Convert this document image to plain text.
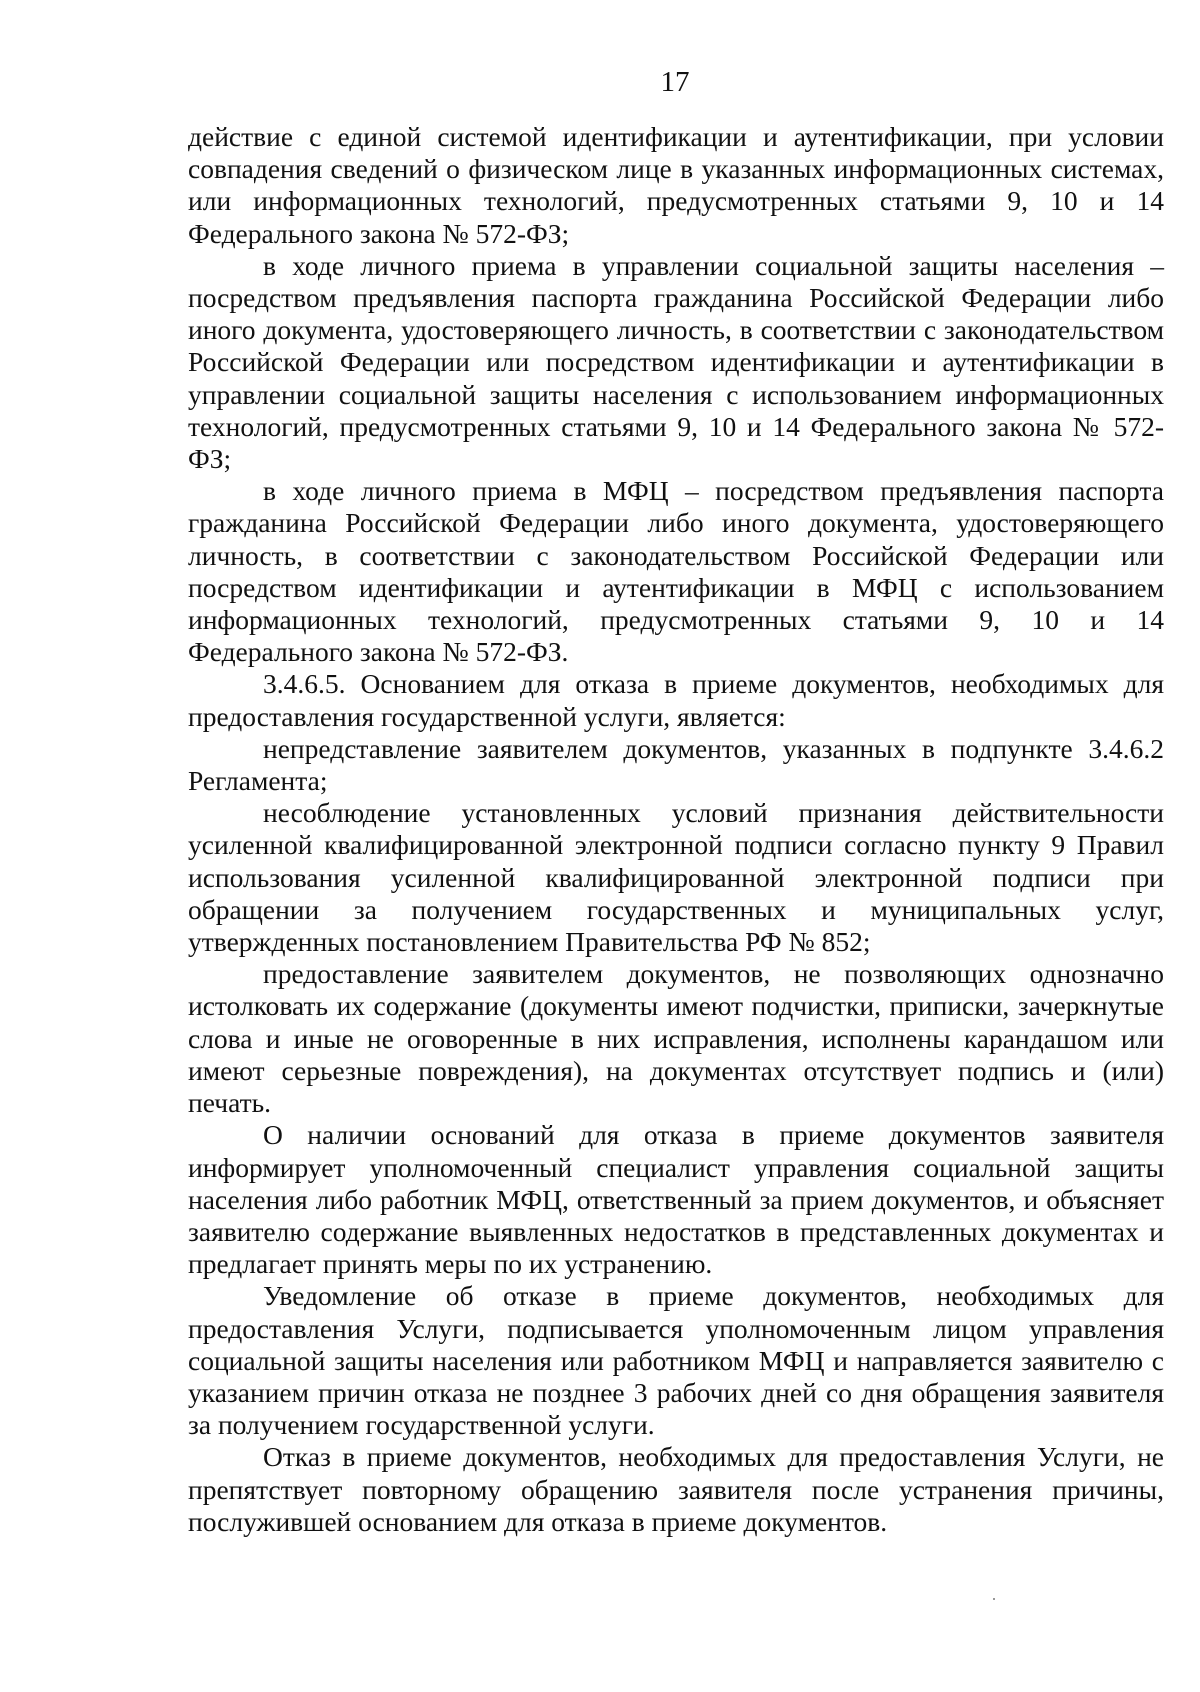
17

действие с единой системой идентификации и аутентификации, при условии совпадения сведений о физическом лице в указанных информационных системах, или информационных технологий, предусмотренных статьями 9, 10 и 14 Федерального закона № 572-ФЗ;

в ходе личного приема в управлении социальной защиты населения – посредством предъявления паспорта гражданина Российской Федерации либо иного документа, удостоверяющего личность, в соответствии с законодательством Российской Федерации или посредством идентификации и аутентификации в управлении социальной защиты населения с использованием информационных технологий, предусмотренных статьями 9, 10 и 14 Федерального закона № 572-ФЗ;

в ходе личного приема в МФЦ – посредством предъявления паспорта гражданина Российской Федерации либо иного документа, удостоверяющего личность, в соответствии с законодательством Российской Федерации или посредством идентификации и аутентификации в МФЦ с использованием информационных технологий, предусмотренных статьями 9, 10 и 14 Федерального закона № 572-ФЗ.

3.4.6.5. Основанием для отказа в приеме документов, необходимых для предоставления государственной услуги, является:

непредставление заявителем документов, указанных в подпункте 3.4.6.2 Регламента;

несоблюдение установленных условий признания действительности усиленной квалифицированной электронной подписи согласно пункту 9 Правил использования усиленной квалифицированной электронной подписи при обращении за получением государственных и муниципальных услуг, утвержденных постановлением Правительства РФ № 852;

предоставление заявителем документов, не позволяющих однозначно истолковать их содержание (документы имеют подчистки, приписки, зачеркнутые слова и иные не оговоренные в них исправления, исполнены карандашом или имеют серьезные повреждения), на документах отсутствует подпись и (или) печать.

О наличии оснований для отказа в приеме документов заявителя информирует уполномоченный специалист управления социальной защиты населения либо работник МФЦ, ответственный за прием документов, и объясняет заявителю содержание выявленных недостатков в представленных документах и предлагает принять меры по их устранению.

Уведомление об отказе в приеме документов, необходимых для предоставления Услуги, подписывается уполномоченным лицом управления социальной защиты населения или работником МФЦ и направляется заявителю с указанием причин отказа не позднее 3 рабочих дней со дня обращения заявителя за получением государственной услуги.

Отказ в приеме документов, необходимых для предоставления Услуги, не препятствует повторному обращению заявителя после устранения причины, послужившей основанием для отказа в приеме документов.
